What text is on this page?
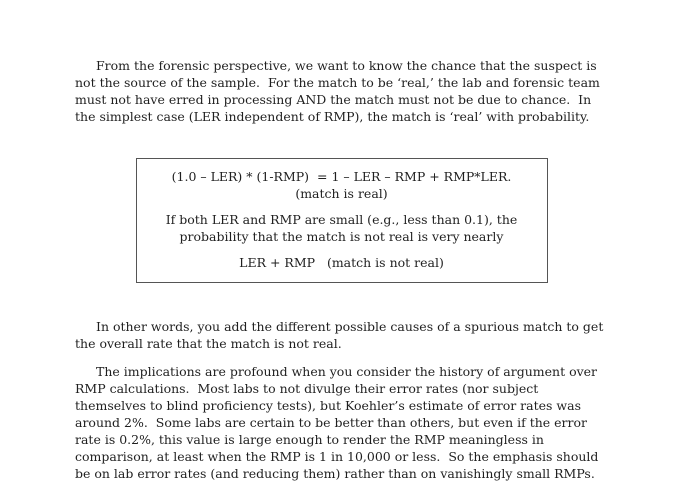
From the forensic perspective, we want to know the chance that the suspect is not the source of the sample.  For the match to be ‘real,’ the lab and forensic team must not have erred in processing AND the match must not be due to chance.  In the simplest case (LER independent of RMP), the match is ‘real’ with probability.

(1.0 – LER) * (1-RMP)  = 1 – LER – RMP + RMP*LER.   (match is real)

If both LER and RMP are small (e.g., less than 0.1), the probability that the match is not real is very nearly

LER + RMP   (match is not real)

In other words, you add the different possible causes of a spurious match to get the overall rate that the match is not real.

The implications are profound when you consider the history of argument over RMP calculations.  Most labs to not divulge their error rates (nor subject themselves to blind proficiency tests), but Koehler’s estimate of error rates was around 2%.  Some labs are certain to be better than others, but even if the error rate is 0.2%, this value is large enough to render the RMP meaningless in comparison, at least when the RMP is 1 in 10,000 or less.  So the emphasis should be on lab error rates (and reducing them) rather than on vanishingly small RMPs.
